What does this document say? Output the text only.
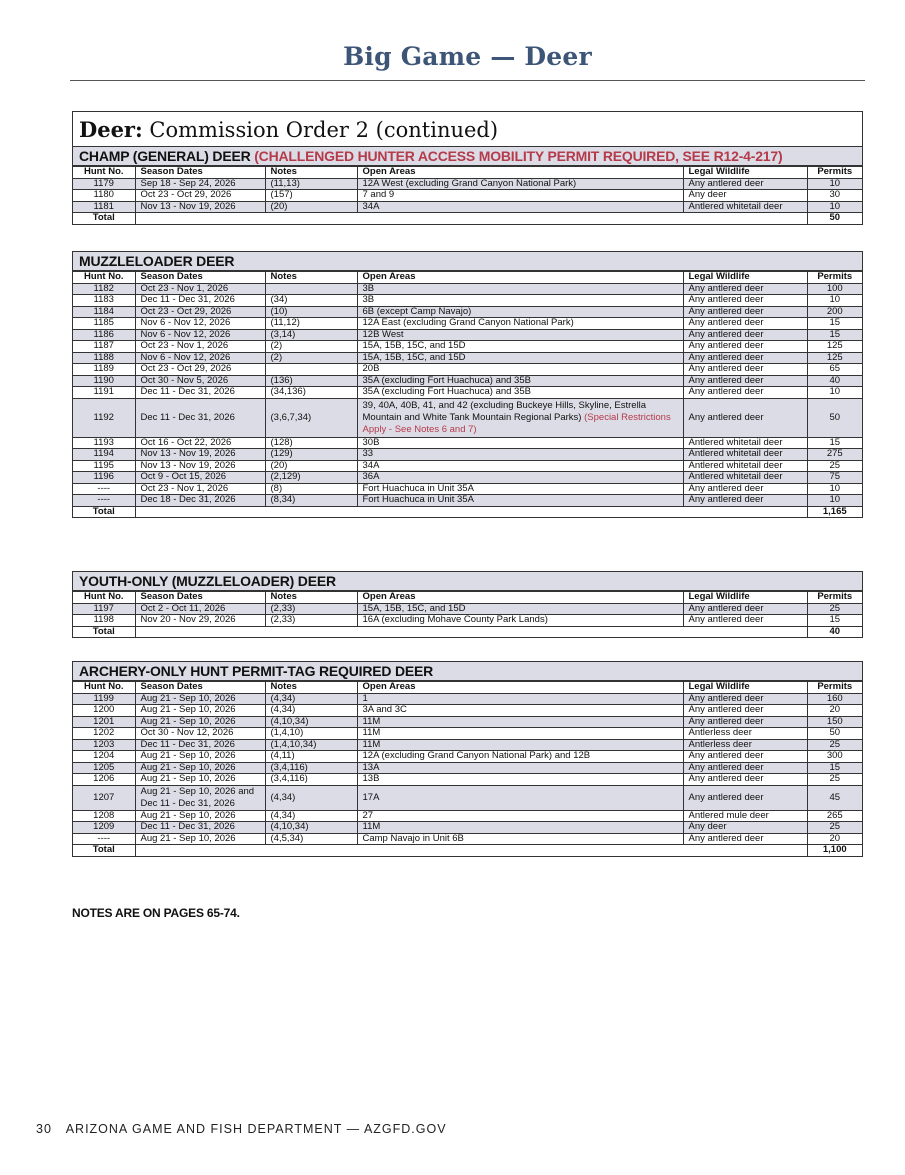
Big Game — Deer
Deer: Commission Order 2 (continued)
CHAMP (GENERAL) DEER (CHALLENGED HUNTER ACCESS MOBILITY PERMIT REQUIRED, SEE R12-4-217)
Hunt No.	Season Dates	Notes	Open Areas	Legal Wildlife	Permits
1179	Sep 18 - Sep 24, 2026	(11,13)	12A West (excluding Grand Canyon National Park)	Any antlered deer	10
1180	Oct 23 - Oct 29, 2026	(157)	7 and 9	Any deer	30
1181	Nov 13 - Nov 19, 2026	(20)	34A	Antlered whitetail deer	10
Total					50
MUZZLELOADER DEER
Hunt No.	Season Dates	Notes	Open Areas	Legal Wildlife	Permits
1182	Oct 23 - Nov 1, 2026		3B	Any antlered deer	100
1183	Dec 11 - Dec 31, 2026	(34)	3B	Any antlered deer	10
1184	Oct 23 - Oct 29, 2026	(10)	6B (except Camp Navajo)	Any antlered deer	200
1185	Nov 6 - Nov 12, 2026	(11,12)	12A East (excluding Grand Canyon National Park)	Any antlered deer	15
1186	Nov 6 - Nov 12, 2026	(3,14)	12B West	Any antlered deer	15
1187	Oct 23 - Nov 1, 2026	(2)	15A, 15B, 15C, and 15D	Any antlered deer	125
1188	Nov 6 - Nov 12, 2026	(2)	15A, 15B, 15C, and 15D	Any antlered deer	125
1189	Oct 23 - Oct 29, 2026		20B	Any antlered deer	65
1190	Oct 30 - Nov 5, 2026	(136)	35A (excluding Fort Huachuca) and 35B	Any antlered deer	40
1191	Dec 11 - Dec 31, 2026	(34,136)	35A (excluding Fort Huachuca) and 35B	Any antlered deer	10
1192	Dec 11 - Dec 31, 2026	(3,6,7,34)	39, 40A, 40B, 41, and 42 (excluding Buckeye Hills, Skyline, Estrella Mountain and White Tank Mountain Regional Parks) (Special Restrictions Apply - See Notes 6 and 7)	Any antlered deer	50
1193	Oct 16 - Oct 22, 2026	(128)	30B	Antlered whitetail deer	15
1194	Nov 13 - Nov 19, 2026	(129)	33	Antlered whitetail deer	275
1195	Nov 13 - Nov 19, 2026	(20)	34A	Antlered whitetail deer	25
1196	Oct 9 - Oct 15, 2026	(2,129)	36A	Antlered whitetail deer	75
----	Oct 23 - Nov 1, 2026	(8)	Fort Huachuca in Unit 35A	Any antlered deer	10
----	Dec 18 - Dec 31, 2026	(8,34)	Fort Huachuca in Unit 35A	Any antlered deer	10
Total					1,165
YOUTH-ONLY (MUZZLELOADER) DEER
Hunt No.	Season Dates	Notes	Open Areas	Legal Wildlife	Permits
1197	Oct 2 - Oct 11, 2026	(2,33)	15A, 15B, 15C, and 15D	Any antlered deer	25
1198	Nov 20 - Nov 29, 2026	(2,33)	16A (excluding Mohave County Park Lands)	Any antlered deer	15
Total					40
ARCHERY-ONLY HUNT PERMIT-TAG REQUIRED DEER
Hunt No.	Season Dates	Notes	Open Areas	Legal Wildlife	Permits
1199	Aug 21 - Sep 10, 2026	(4,34)	1	Any antlered deer	160
1200	Aug 21 - Sep 10, 2026	(4,34)	3A and 3C	Any antlered deer	20
1201	Aug 21 - Sep 10, 2026	(4,10,34)	11M	Any antlered deer	150
1202	Oct 30 - Nov 12, 2026	(1,4,10)	11M	Antlerless deer	50
1203	Dec 11 - Dec 31, 2026	(1,4,10,34)	11M	Antlerless deer	25
1204	Aug 21 - Sep 10, 2026	(4,11)	12A (excluding Grand Canyon National Park) and 12B	Any antlered deer	300
1205	Aug 21 - Sep 10, 2026	(3,4,116)	13A	Any antlered deer	15
1206	Aug 21 - Sep 10, 2026	(3,4,116)	13B	Any antlered deer	25
1207	Aug 21 - Sep 10, 2026 and Dec 11 - Dec 31, 2026	(4,34)	17A	Any antlered deer	45
1208	Aug 21 - Sep 10, 2026	(4,34)	27	Antlered mule deer	265
1209	Dec 11 - Dec 31, 2026	(4,10,34)	11M	Any deer	25
----	Aug 21 - Sep 10, 2026	(4,5,34)	Camp Navajo in Unit 6B	Any antlered deer	20
Total					1,100
NOTES ARE ON PAGES 65-74.
30 ARIZONA GAME AND FISH DEPARTMENT — AZGFD.GOV
